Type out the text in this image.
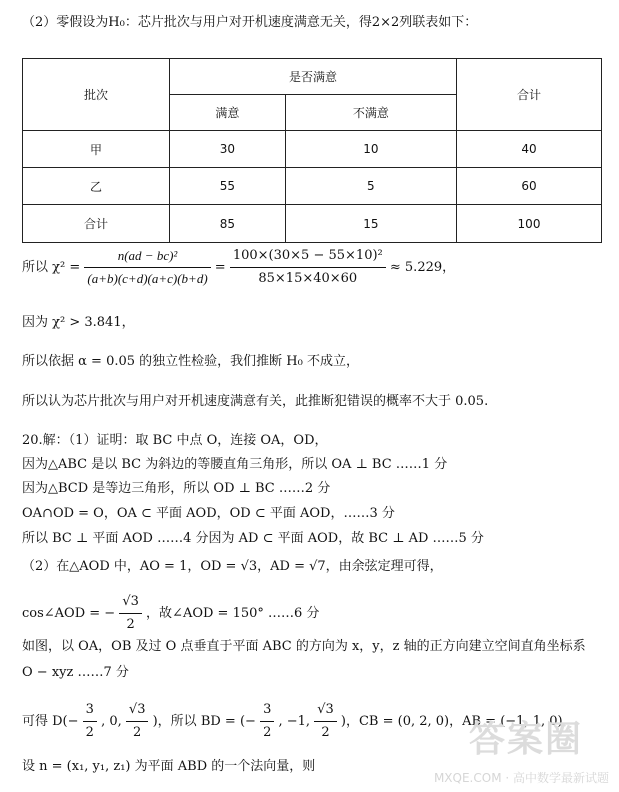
（2）零假设为H₀：芯片批次与用户对开机速度满意无关，得2×2列联表如下：
批次	是否满意		合计
	满意	不满意	
甲	30	10	40
乙	55	5	60
合计	85	15	100
所以 $\chi^2 = \frac{\text{n(ad − bc)²}}{(a+b)(c+d)(a+c)(b+d)} = \frac{\text{100×(30×5 − 55×10)²}}{85\times 15\times 40\times 60} \approx 5.229$，
因为 χ² > 3.841，
所以依据 α = 0.05 的独立性检验，我们推断 H₀ 不成立，
所以认为芯片批次与用户对开机速度满意有关，此推断犯错误的概率不大于 0.05.
20.解：（1）证明：取 BC 中点 O，连接 OA，OD，
因为△ABC 是以 BC 为斜边的等腰直角三角形，所以 OA ⊥ BC ……1 分
因为△BCD 是等边三角形，所以 OD ⊥ BC ……2 分
OA∩OD = O，OA ⊂ 平面 AOD，OD ⊂ 平面 AOD，……3 分
所以 BC ⊥ 平面 AOD ……4 分因为 AD ⊂ 平面 AOD，故 BC ⊥ AD ……5 分
（2）在△AOD 中，AO = 1，OD = √3，AD = √7，由余弦定理可得，
cos∠AOD = − $\frac{√3}{2}$ ，故∠AOD = 150° ……6 分
如图，以 OA，OB 及过 O 点垂直于平面 ABC 的方向为 x，y，z 轴的正方向建立空间直角坐标系
O − xyz ……7 分
可得 $D(- \frac{3}{2}$ , 0, $\frac{√3}{2}$ )，所以 BD = (− $\frac{3}{2}$ , −1, $\frac{√3}{2}$ )，CB = (0, 2, 0)，AB = (−1, 1, 0)
设 n = (x₁, y₁, z₁) 为平面 ABD 的一个法向量，则
答案圈
MXQE.COM · 高中数学最新试题
